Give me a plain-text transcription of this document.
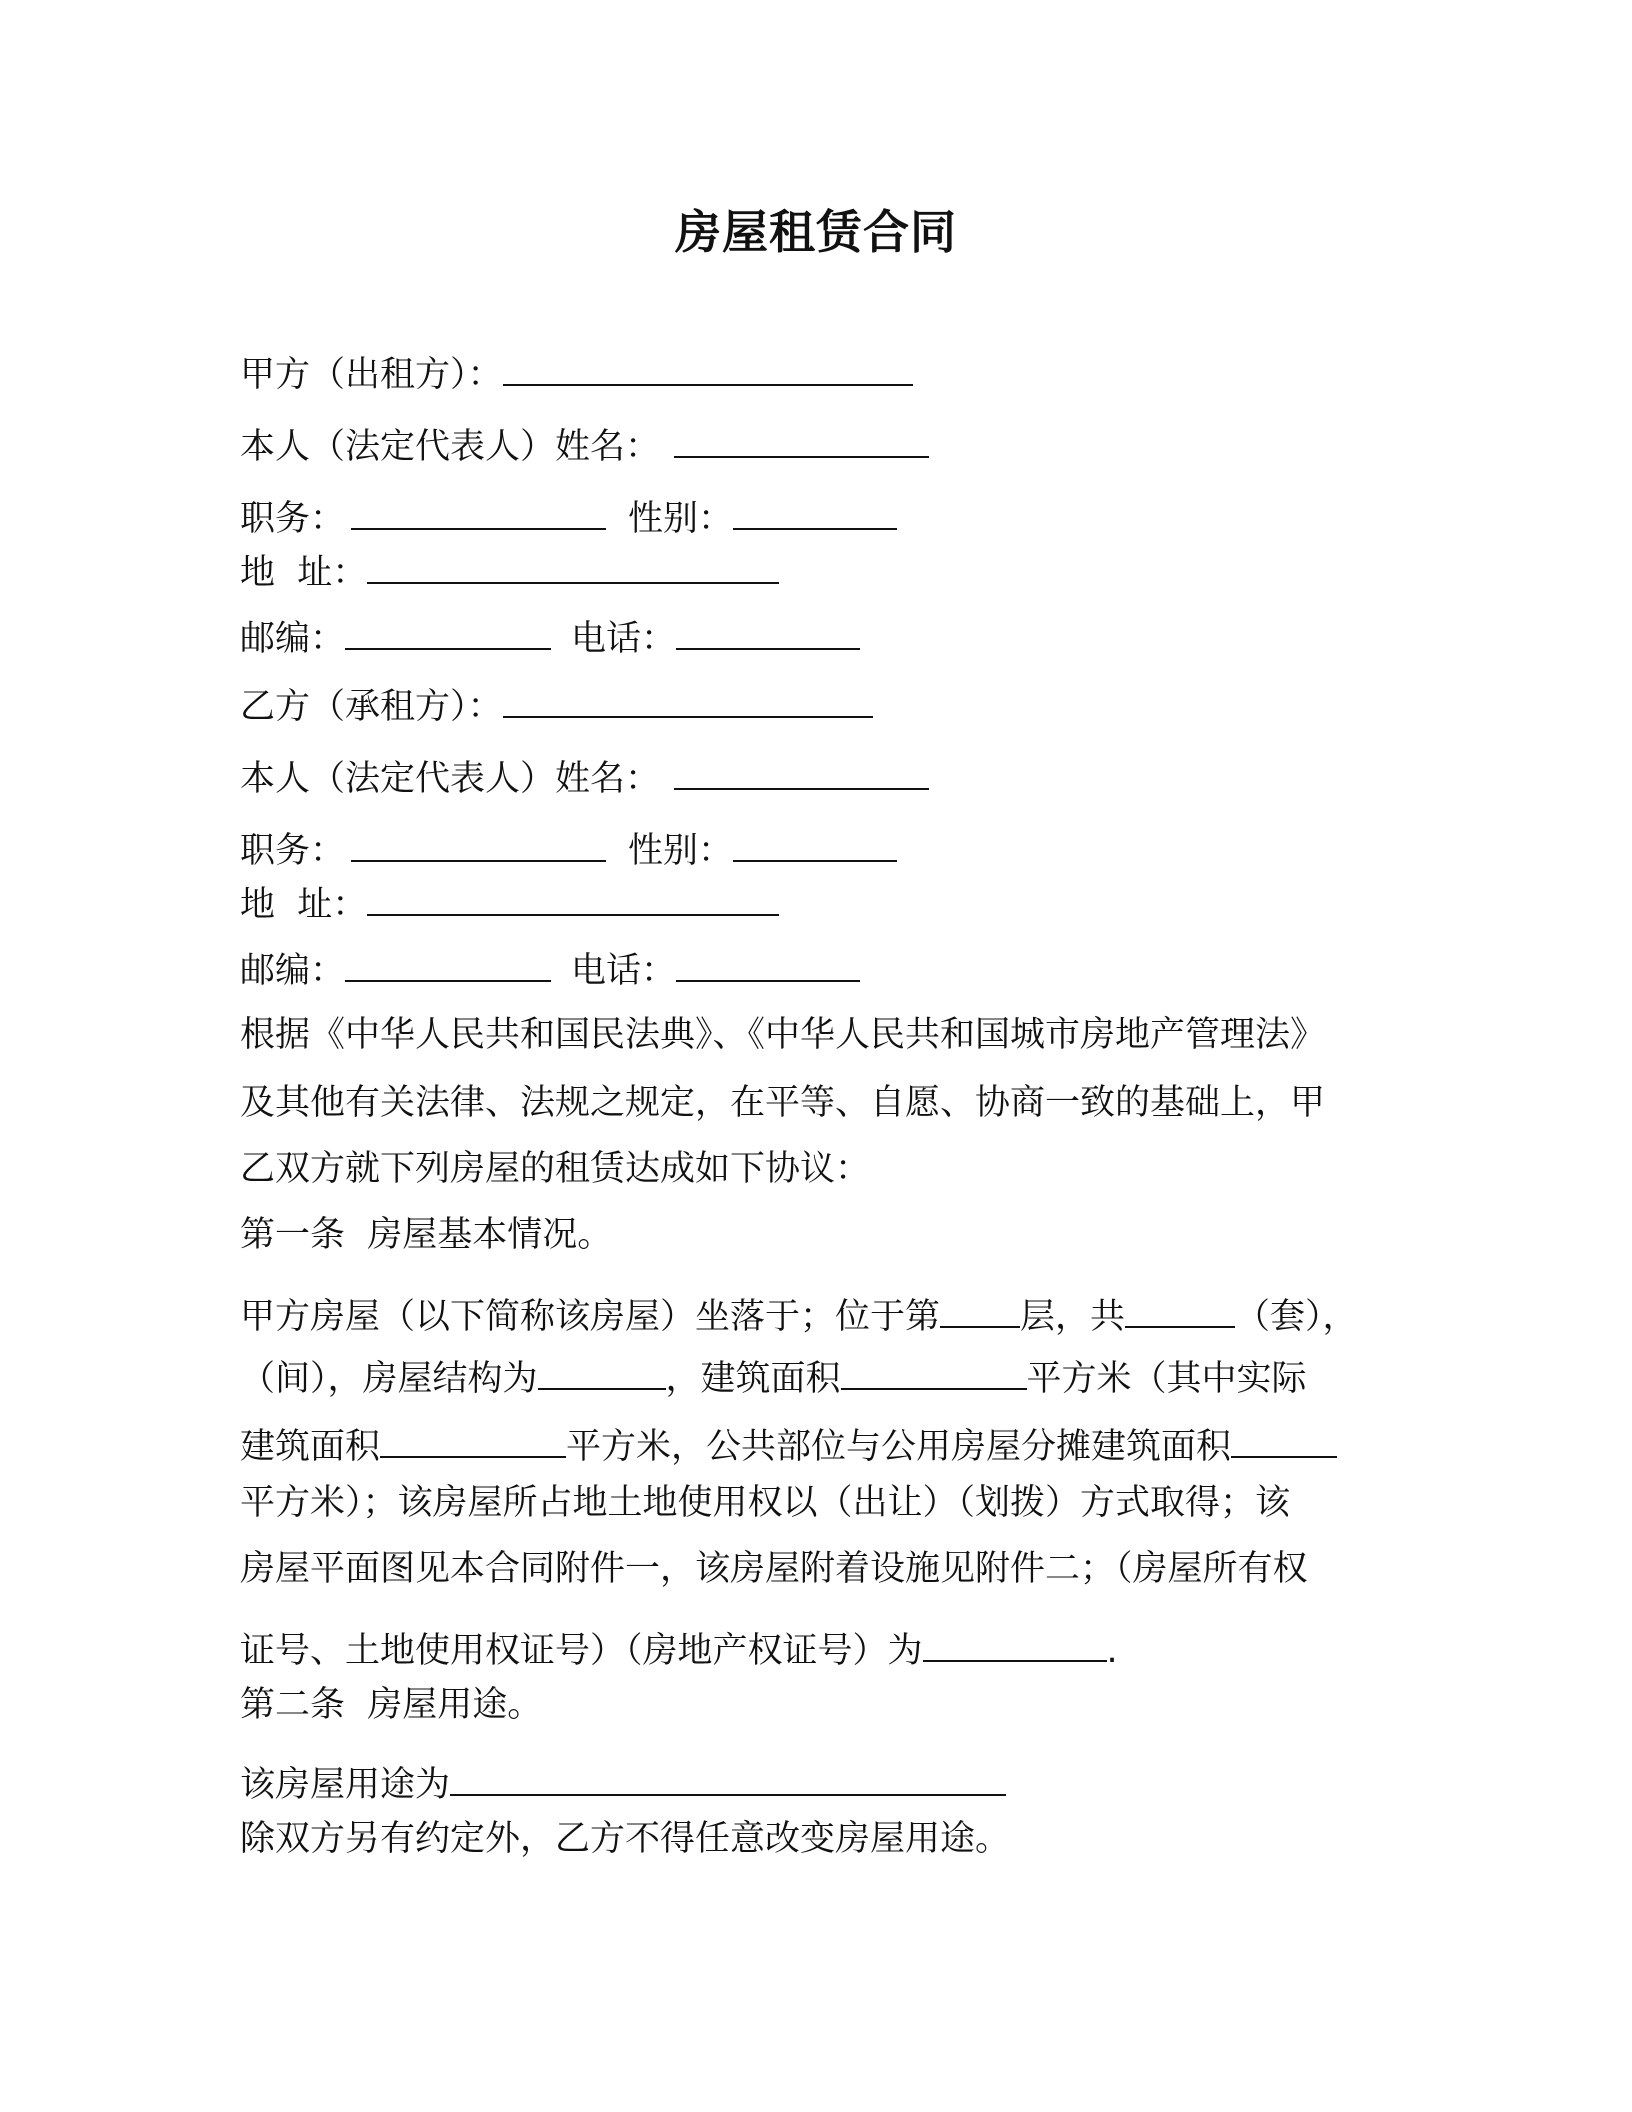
房屋租赁合同
甲方（出租方）：
本人（法定代表人）姓名：
职务：	性别：
地  址：
邮编：	电话：
乙方（承租方）：
本人（法定代表人）姓名：
职务：	性别：
地  址：
邮编：	电话：
根据《中华人民共和国民法典》、《中华人民共和国城市房地产管理法》
及其他有关法律、法规之规定，在平等、自愿、协商一致的基础上，甲
乙双方就下列房屋的租赁达成如下协议：
第一条  房屋基本情况。
甲方房屋（以下简称该房屋）坐落于；位于第 层，共	（套），
（间），房屋结构为	，建筑面积	平方米（其中实际
建筑面积	平方米，公共部位与公用房屋分摊建筑面积
平方米）；该房屋所占地土地使用权以（出让）（划拨）方式取得；该
房屋平面图见本合同附件一，该房屋附着设施见附件二；（房屋所有权
证号、土地使用权证号）（房地产权证号）为	.
第二条  房屋用途。
该房屋用途为
除双方另有约定外，乙方不得任意改变房屋用途。
